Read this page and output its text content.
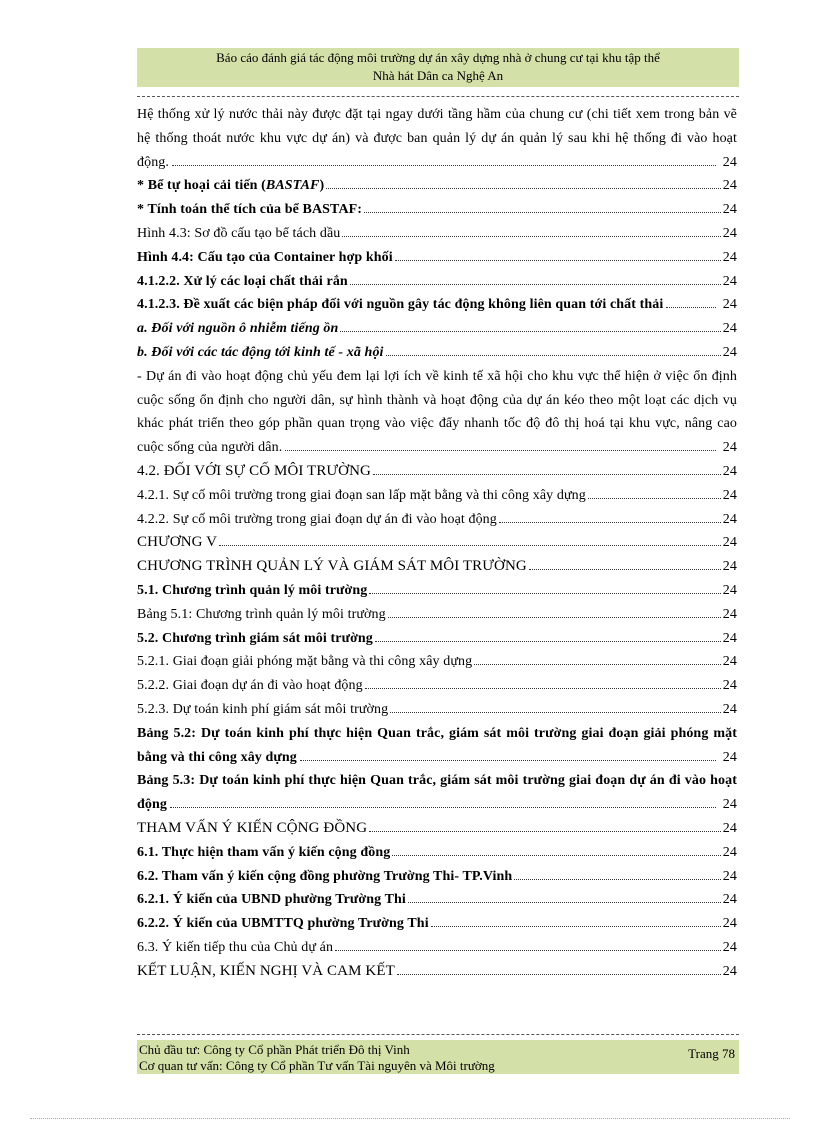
Báo cáo đánh giá tác động môi trường dự án xây dựng nhà ở chung cư tại khu tập thể
Nhà hát Dân ca Nghệ An
Hệ thống xử lý nước thải này được đặt tại ngay dưới tầng hầm của chung cư (chi tiết xem trong bản vẽ hệ thống thoát nước khu vực dự án) và được ban quản lý dự án quản lý sau khi hệ thống đi vào hoạt động.	24
* Bể tự hoại cải tiến (BASTAF)	24
* Tính toán thể tích của bể BASTAF:	24
Hình 4.3: Sơ đồ cấu tạo bể tách dầu	24
Hình 4.4: Cấu tạo của Container hợp khối	24
4.1.2.2. Xử lý các loại chất thải rắn	24
4.1.2.3. Đề xuất các biện pháp đối với nguồn gây tác động không liên quan tới chất thải	24
a. Đối với nguồn ô nhiễm tiếng ồn	24
b. Đối với các tác động tới kinh tế - xã hội	24
- Dự án đi vào hoạt động chủ yếu đem lại lợi ích về kinh tế xã hội cho khu vực thể hiện ở việc ổn định cuộc sống ổn định cho người dân, sự hình thành và hoạt động của dự án kéo theo một loạt các dịch vụ khác phát triển theo góp phần quan trọng vào việc đẩy nhanh tốc độ đô thị hoá tại khu vực, nâng cao cuộc sống của người dân.	24
4.2. ĐỐI VỚI SỰ CỐ MÔI TRƯỜNG	24
4.2.1. Sự cố môi trường trong giai đoạn san lấp mặt bằng và thi công xây dựng	24
4.2.2. Sự cố môi trường trong giai đoạn dự án đi vào hoạt động	24
CHƯƠNG V	24
CHƯƠNG TRÌNH QUẢN LÝ VÀ GIÁM SÁT MÔI TRƯỜNG	24
5.1. Chương trình quản lý môi trường	24
Bảng 5.1: Chương trình quản lý môi trường	24
5.2. Chương trình giám sát môi trường	24
5.2.1. Giai đoạn giải phóng mặt bằng và thi công xây dựng	24
5.2.2. Giai đoạn dự án đi vào hoạt động	24
5.2.3. Dự toán kinh phí giám sát môi trường	24
Bảng 5.2: Dự toán kinh phí thực hiện Quan trắc, giám sát môi trường giai đoạn giải phóng mặt bằng và thi công xây dựng	24
Bảng 5.3: Dự toán kinh phí thực hiện Quan trắc, giám sát môi trường giai đoạn dự án đi vào hoạt động	24
THAM VẤN Ý KIẾN CỘNG ĐỒNG	24
6.1. Thực hiện tham vấn ý kiến cộng đồng	24
6.2. Tham vấn ý kiến cộng đồng phường Trường Thi- TP.Vinh	24
6.2.1. Ý kiến của UBND phường Trường Thi	24
6.2.2. Ý kiến của UBMTTQ phường Trường Thi	24
6.3. Ý kiến tiếp thu của Chủ dự án	24
KẾT LUẬN, KIẾN NGHỊ VÀ CAM KẾT	24
Chủ đầu tư: Công ty Cổ phần Phát triển Đô thị Vinh
Cơ quan tư vấn: Công ty Cổ phần Tư vấn Tài nguyên và Môi trường
Trang 78
